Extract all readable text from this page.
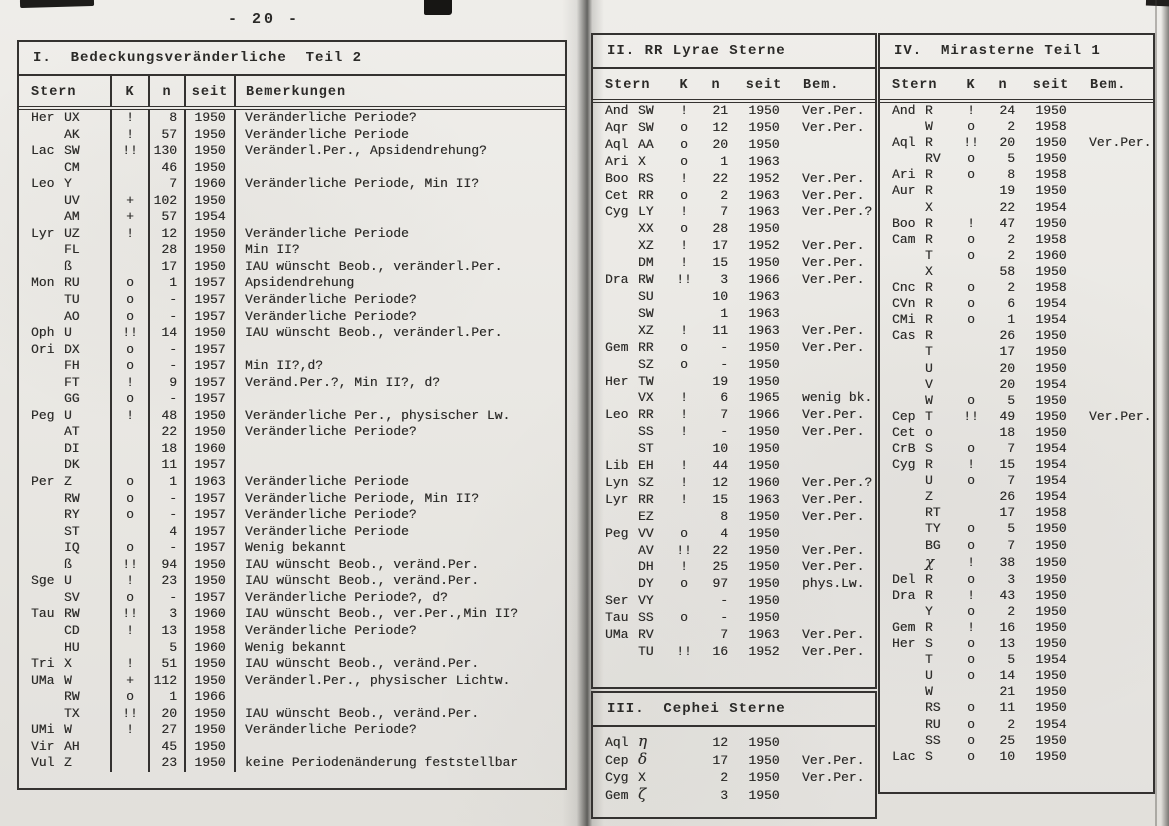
- 20 -
I.  Bedeckungsveränderliche  Teil 2
Stern	K	n	seit	Bemerkungen
Her UX	!	8	1950	Veränderliche Periode?
AK	!	57	1950	Veränderliche Periode
Lac SW	!!	130	1950	Veränderl.Per., Apsidendrehung?
CM		46	1950	
Leo Y		7	1960	Veränderliche Periode, Min II?
UV	+	102	1950	
AM	+	57	1954	
Lyr UZ	!	12	1950	Veränderliche Periode
FL		28	1950	Min II?
ß		17	1950	IAU wünscht Beob., veränderl.Per.
Mon RU	o	1	1957	Apsidendrehung
TU	o	-	1957	Veränderliche Periode?
AO	o	-	1957	Veränderliche Periode?
Oph U	!!	14	1950	IAU wünscht Beob., veränderl.Per.
Ori DX	o	-	1957	
FH	o	-	1957	Min II?,d?
FT	!	9	1957	Veränd.Per.?, Min II?, d?
GG	o	-	1957	
Peg U	!	48	1950	Veränderliche Per., physischer Lw.
AT		22	1950	Veränderliche Periode?
DI		18	1960	
DK		11	1957	
Per Z	o	1	1963	Veränderliche Periode
RW	o	-	1957	Veränderliche Periode, Min II?
RY	o	-	1957	Veränderliche Periode?
ST		4	1957	Veränderliche Periode
IQ	o	-	1957	Wenig bekannt
ß	!!	94	1950	IAU wünscht Beob., veränd.Per.
Sge U	!	23	1950	IAU wünscht Beob., veränd.Per.
SV	o	-	1957	Veränderliche Periode?, d?
Tau RW	!!	3	1960	IAU wünscht Beob., ver.Per.,Min II?
CD	!	13	1958	Veränderliche Periode?
HU		5	1960	Wenig bekannt
Tri X	!	51	1950	IAU wünscht Beob., veränd.Per.
UMa W	+	112	1950	Veränderl.Per., physischer Lichtw.
RW	o	1	1966	
TX	!!	20	1950	IAU wünscht Beob., veränd.Per.
UMi W	!	27	1950	Veränderliche Periode?
Vir AH		45	1950	
Vul Z		23	1950	keine Periodenänderung feststellbar
II. RR Lyrae Sterne
Stern	K	n	seit	Bem.
And SW	!	21	1950	Ver.Per.
Aqr SW	o	12	1950	Ver.Per.
Aql AA	o	20	1950	
Ari X	o	1	1963	
Boo RS	!	22	1952	Ver.Per.
Cet RR	o	2	1963	Ver.Per.
Cyg LY	!	7	1963	Ver.Per.?
XX	o	28	1950	
XZ	!	17	1952	Ver.Per.
DM	!	15	1950	Ver.Per.
Dra RW	!!	3	1966	Ver.Per.
SU		10	1963	
SW		1	1963	
XZ	!	11	1963	Ver.Per.
Gem RR	o	-	1950	Ver.Per.
SZ	o	-	1950	
Her TW		19	1950	
VX	!	6	1965	wenig bk.
Leo RR	!	7	1966	Ver.Per.
SS	!	-	1950	Ver.Per.
ST		10	1950	
Lib EH	!	44	1950	
Lyn SZ	!	12	1960	Ver.Per.?
Lyr RR	!	15	1963	Ver.Per.
EZ		8	1950	Ver.Per.
Peg VV	o	4	1950	
AV	!!	22	1950	Ver.Per.
DH	!	25	1950	Ver.Per.
DY	o	97	1950	phys.Lw.
Ser VY		-	1950	
Tau SS	o	-	1950	
UMa RV		7	1963	Ver.Per.
TU	!!	16	1952	Ver.Per.
III.  Cephei Sterne
Aql η		12	1950	
Cep δ		17	1950	Ver.Per.
Cyg X		2	1950	Ver.Per.
Gem ζ		3	1950	
IV.  Mirasterne Teil 1
Stern	K	n	seit	Bem.
And R	!	24	1950	
W	o	2	1958	
Aql R	!!	20	1950	Ver.Per.
RV	o	5	1950	
Ari R	o	8	1958	
Aur R		19	1950	
X		22	1954	
Boo R	!	47	1950	
Cam R	o	2	1958	
T	o	2	1960	
X		58	1950	
Cnc R	o	2	1958	
CVn R	o	6	1954	
CMi R	o	1	1954	
Cas R		26	1950	
T		17	1950	
U		20	1950	
V		20	1954	
W	o	5	1950	
Cep T	!!	49	1950	Ver.Per.
Cet o		18	1950	
CrB S	o	7	1954	
Cyg R	!	15	1954	
U	o	7	1954	
Z		26	1954	
RT		17	1958	
TY	o	5	1950	
BG	o	7	1950	
χ	!	38	1950	
Del R	o	3	1950	
Dra R	!	43	1950	
Y	o	2	1950	
Gem R	!	16	1950	
Her S	o	13	1950	
T	o	5	1954	
U	o	14	1950	
W		21	1950	
RS	o	11	1950	
RU	o	2	1954	
SS	o	25	1950	
Lac S	o	10	1950	
